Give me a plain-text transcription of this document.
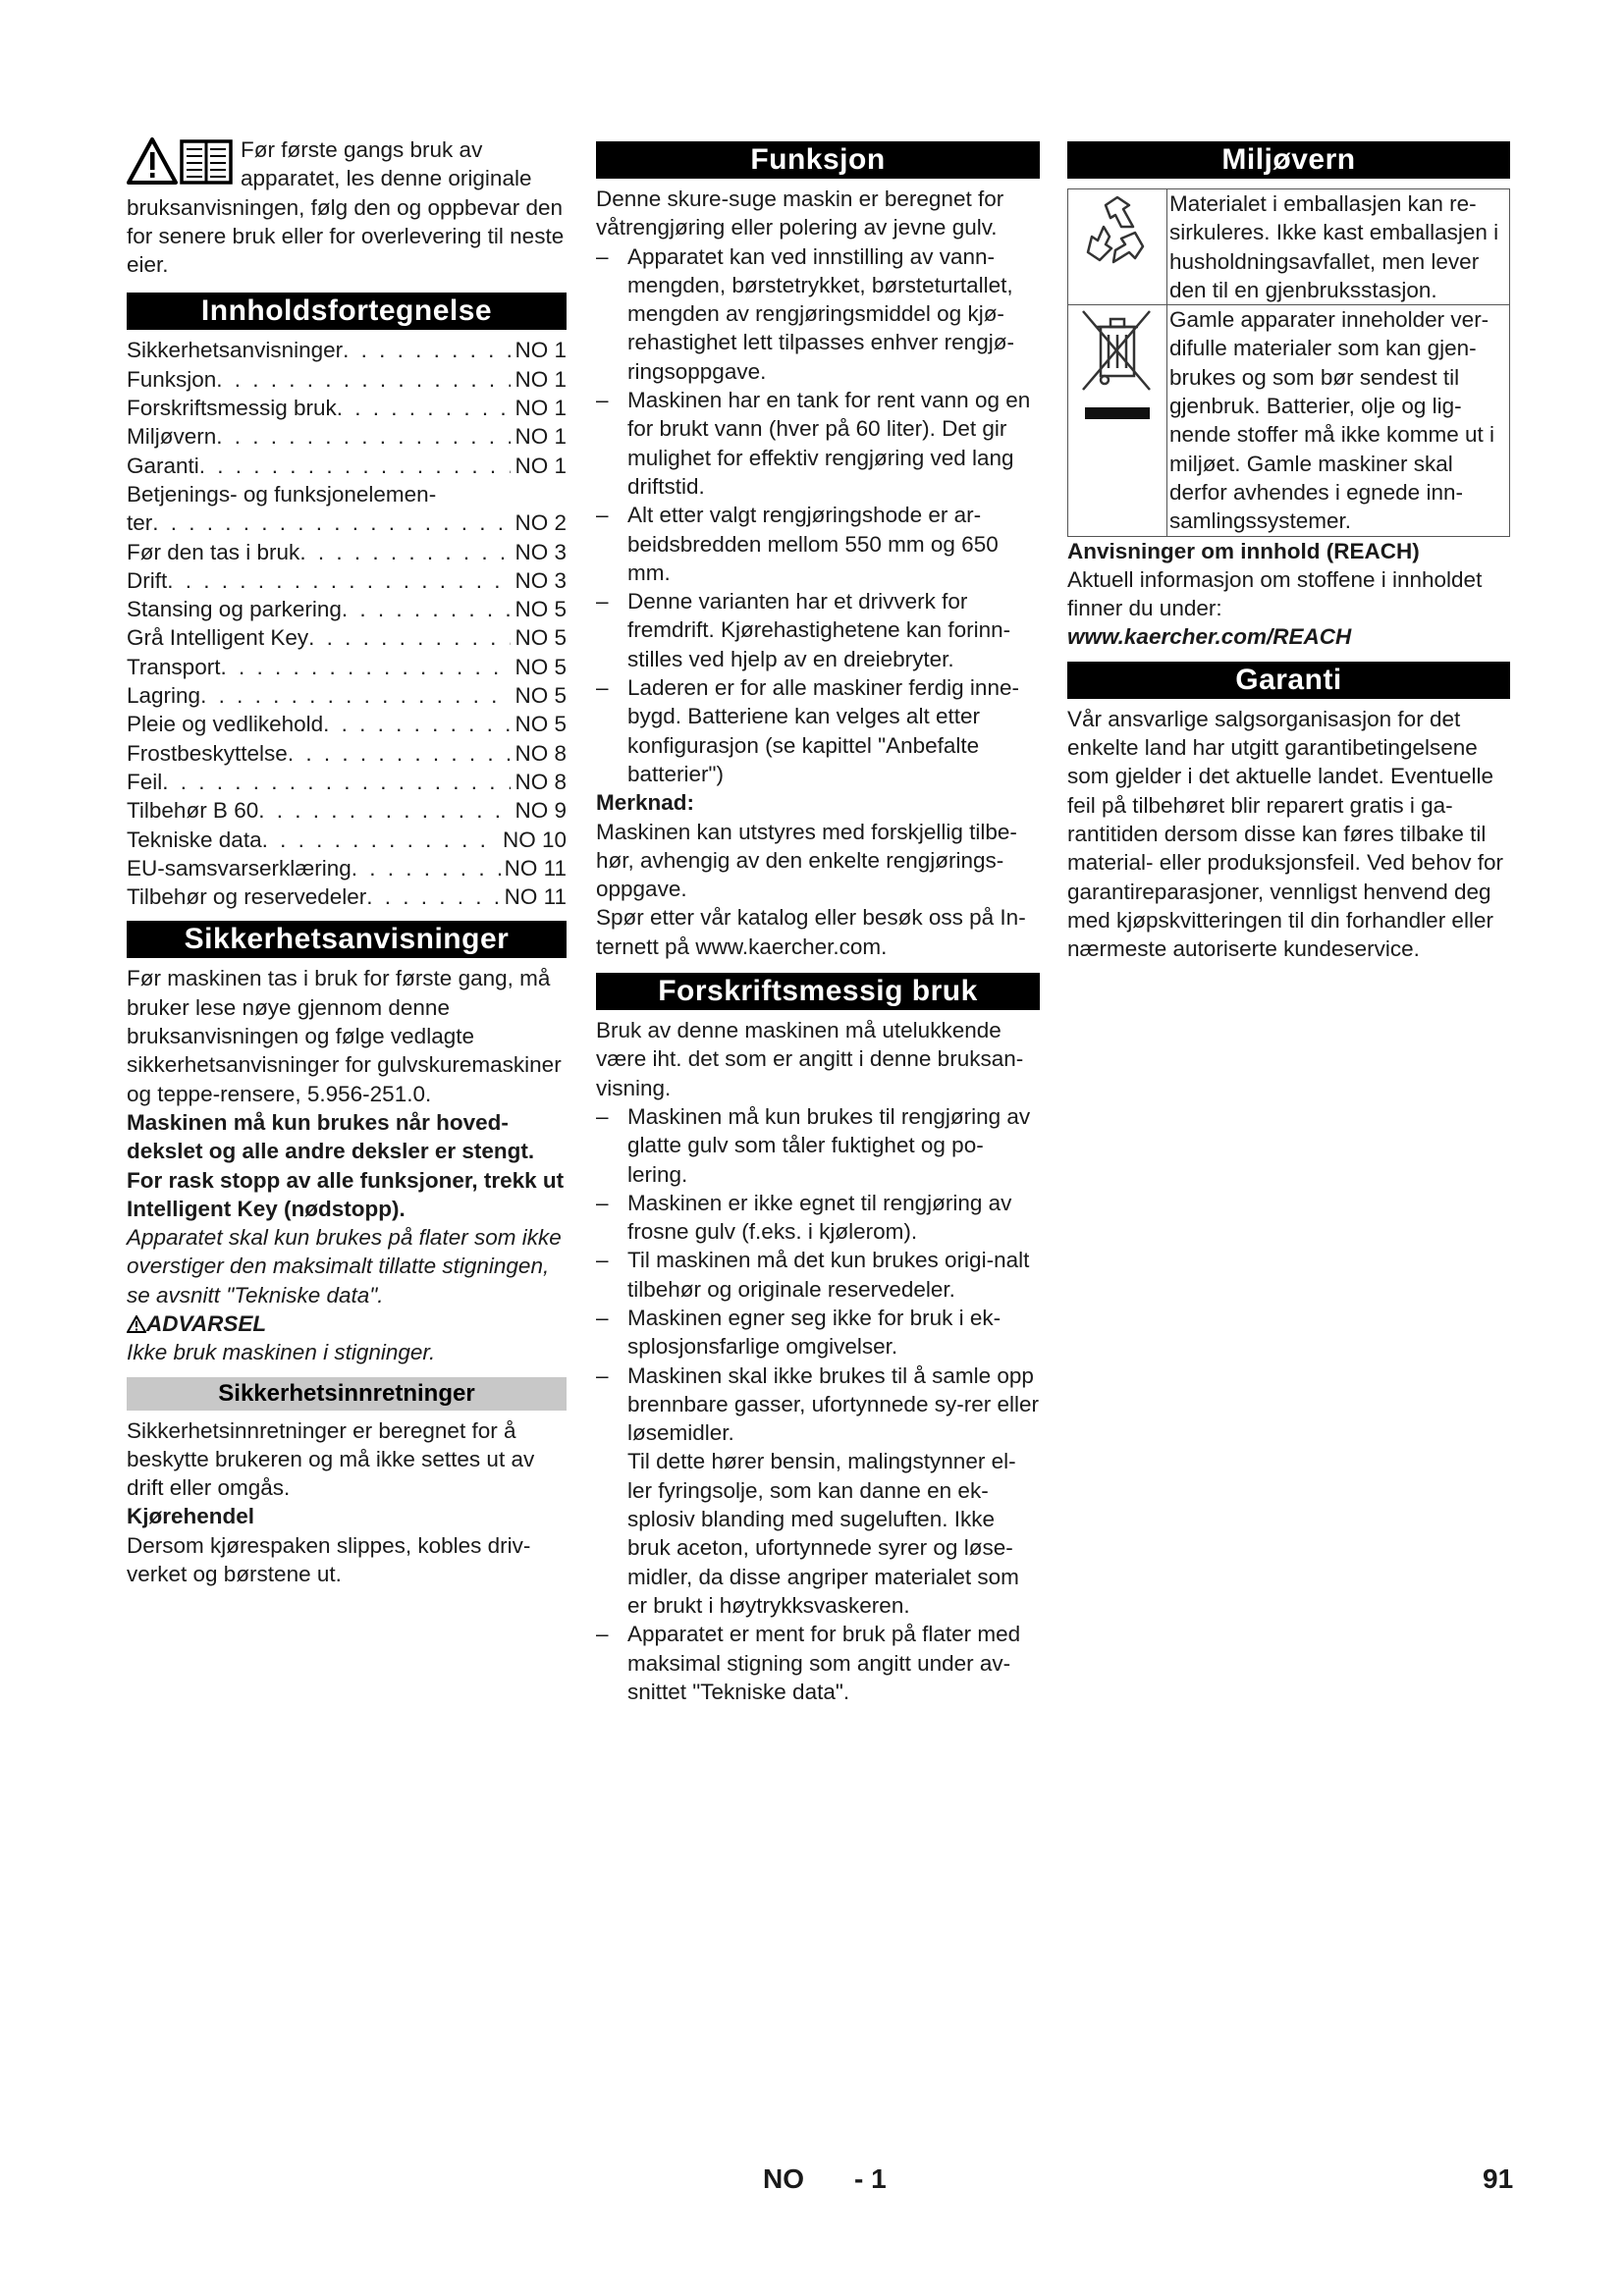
Før første gangs bruk av apparatet, les denne originale bruksanvisningen, følg den og oppbevar den for senere bruk eller for overlevering til neste eier.

Innholdsfortegnelse
Sikkerhetsanvisninger . . .	NO 1
Funksjon . . .	NO 1
Forskriftsmessig bruk . . .	NO 1
Miljøvern . . .	NO 1
Garanti . . .	NO 1
Betjenings- og funksjonelemen-
ter . . .	NO 2
Før den tas i bruk . . .	NO 3
Drift . . .	NO 3
Stansing og parkering . . .	NO 5
Grå Intelligent Key . . .	NO 5
Transport . . .	NO 5
Lagring . . .	NO 5
Pleie og vedlikehold . . .	NO 5
Frostbeskyttelse . . .	NO 8
Feil . . .	NO 8
Tilbehør B 60 . . .	NO 9
Tekniske data . . .	NO 10
EU-samsvarserklæring . . .	NO 11
Tilbehør og reservedeler . . .	NO 11
Sikkerhetsanvisninger

Før maskinen tas i bruk for første gang, må bruker lese nøye gjennom denne bruksanvisningen og følge vedlagte sikkerhetsanvisninger for gulvskuremaskiner og teppe-rensere, 5.956-251.0.

Maskinen må kun brukes når hoved-dekslet og alle andre deksler er stengt. For rask stopp av alle funksjoner, trekk ut Intelligent Key (nødstopp).

Apparatet skal kun brukes på flater som ikke overstiger den maksimalt tillatte stigningen, se avsnitt "Tekniske data".

ADVARSEL

Ikke bruk maskinen i stigninger.

Sikkerhetsinnretninger

Sikkerhetsinnretninger er beregnet for å beskytte brukeren og må ikke settes ut av drift eller omgås.

Kjørehendel

Dersom kjørespaken slippes, kobles driv-verket og børstene ut.

Funksjon

Denne skure-suge maskin er beregnet for våtrengjøring eller polering av jevne gulv.

– Apparatet kan ved innstilling av vann-mengden, børstetrykket, børsteturtallet, mengden av rengjøringsmiddel og kjø-rehastighet lett tilpasses enhver rengjø-ringsoppgave.
– Maskinen har en tank for rent vann og en for brukt vann (hver på 60 liter). Det gir mulighet for effektiv rengjøring ved lang driftstid.
– Alt etter valgt rengjøringshode er ar-beidsbredden mellom 550 mm og 650 mm.
– Denne varianten har et drivverk for fremdrift. Kjørehastighetene kan forinn-stilles ved hjelp av en dreiebryter.
– Laderen er for alle maskiner ferdig inne-bygd. Batteriene kan velges alt etter konfigurasjon (se kapittel "Anbefalte batterier")

Merknad:

Maskinen kan utstyres med forskjellig tilbe-hør, avhengig av den enkelte rengjørings-oppgave.

Spør etter vår katalog eller besøk oss på In-ternett på www.kaercher.com.

Forskriftsmessig bruk

Bruk av denne maskinen må utelukkende være iht. det som er angitt i denne bruksan-visning.

– Maskinen må kun brukes til rengjøring av glatte gulv som tåler fuktighet og po-lering.
– Maskinen er ikke egnet til rengjøring av frosne gulv (f.eks. i kjølerom).
– Til maskinen må det kun brukes origi-nalt tilbehør og originale reservedeler.
– Maskinen egner seg ikke for bruk i ek-splosjonsfarlige omgivelser.
– Maskinen skal ikke brukes til å samle opp brennbare gasser, ufortynnede sy-rer eller løsemidler.

Til dette hører bensin, malingstynner el-ler fyringsolje, som kan danne en ek-splosiv blanding med sugeluften. Ikke bruk aceton, ufortynnede syrer og løse-midler, da disse angriper materialet som er brukt i høytrykksvaskeren.

– Apparatet er ment for bruk på flater med maksimal stigning som angitt under av-snittet "Tekniske data".
Miljøvern
	Materialet i emballasjen kan re-sirkuleres. Ikke kast emballasjen i husholdningsavfallet, men lever den til en gjenbruksstasjon.
	Gamle apparater inneholder ver-difulle materialer som kan gjen-brukes og som bør sendest til gjenbruk. Batterier, olje og lig-nende stoffer må ikke komme ut i miljøet. Gamle maskiner skal derfor avhendes i egnede inn-samlingssystemer.

Anvisninger om innhold (REACH)

Aktuell informasjon om stoffene i innholdet finner du under:

www.kaercher.com/REACH

Garanti

Vår ansvarlige salgsorganisasjon for det enkelte land har utgitt garantibetingelsene som gjelder i det aktuelle landet. Eventuelle feil på tilbehøret blir reparert gratis i ga-rantitiden dersom disse kan føres tilbake til material- eller produksjonsfeil. Ved behov for garantireparasjoner, vennligst henvend deg med kjøpskvitteringen til din forhandler eller nærmeste autoriserte kundeservice.

NO - 1	91
